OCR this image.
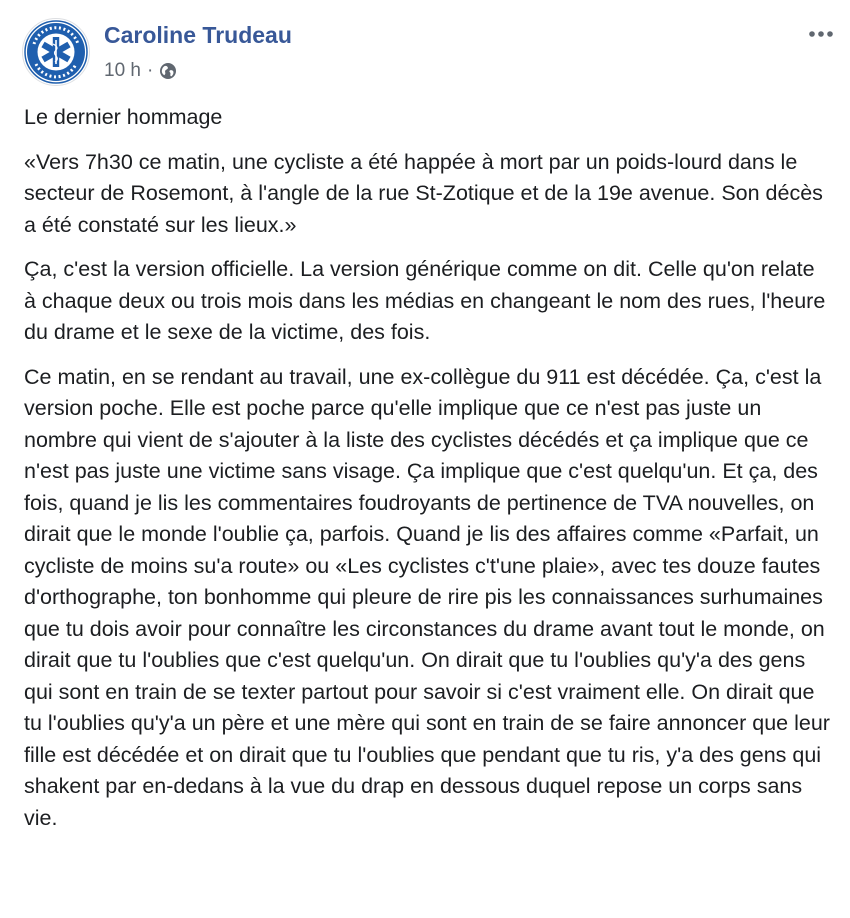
Caroline Trudeau
10 h ·

Le dernier hommage

«Vers 7h30 ce matin, une cycliste a été happée à mort par un poids-lourd dans le secteur de Rosemont, à l'angle de la rue St-Zotique et de la 19e avenue. Son décès a été constaté sur les lieux.»

Ça, c'est la version officielle. La version générique comme on dit. Celle qu'on relate à chaque deux ou trois mois dans les médias en changeant le nom des rues, l'heure du drame et le sexe de la victime, des fois.

Ce matin, en se rendant au travail, une ex-collègue du 911 est décédée. Ça, c'est la version poche. Elle est poche parce qu'elle implique que ce n'est pas juste un nombre qui vient de s'ajouter à la liste des cyclistes décédés et ça implique que ce n'est pas juste une victime sans visage. Ça implique que c'est quelqu'un. Et ça, des fois, quand je lis les commentaires foudroyants de pertinence de TVA nouvelles, on dirait que le monde l'oublie ça, parfois. Quand je lis des affaires comme «Parfait, un cycliste de moins su'a route» ou «Les cyclistes c't'une plaie», avec tes douze fautes d'orthographe, ton bonhomme qui pleure de rire pis les connaissances surhumaines que tu dois avoir pour connaître les circonstances du drame avant tout le monde, on dirait que tu l'oublies que c'est quelqu'un. On dirait que tu l'oublies qu'y'a des gens qui sont en train de se texter partout pour savoir si c'est vraiment elle. On dirait que tu l'oublies qu'y'a un père et une mère qui sont en train de se faire annoncer que leur fille est décédée et on dirait que tu l'oublies que pendant que tu ris, y'a des gens qui shakent par en-dedans à la vue du drap en dessous duquel repose un corps sans vie.
